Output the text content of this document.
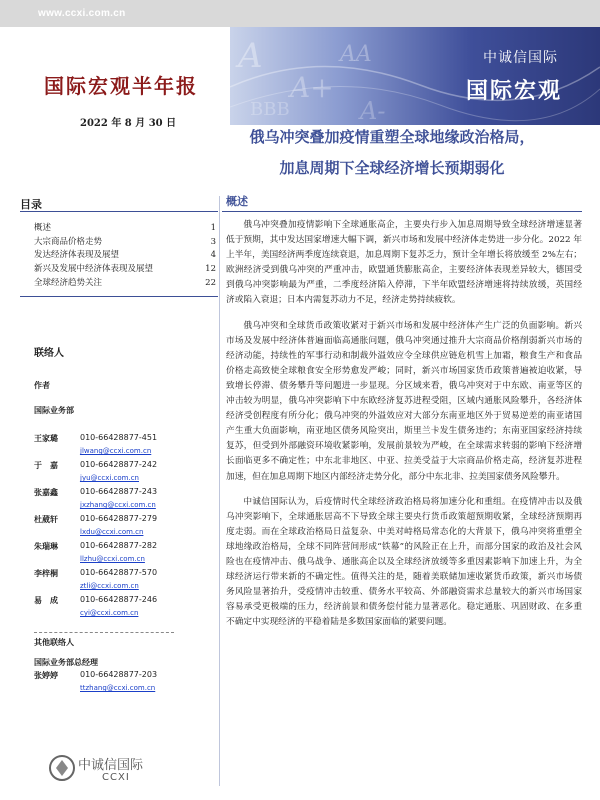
www.ccxi.com.cn
A
A+
AA
BBB	A-
中诚信国际
国际宏观
国际宏观半年报
2022 年 8 月 30 日
俄乌冲突叠加疫情重塑全球地缘政治格局，
加息周期下全球经济增长预期弱化
目录
概述	1
大宗商品价格走势	3
发达经济体表现及展望	4
新兴及发展中经济体表现及展望	12
全球经济趋势关注	22
联络人
作者
国际业务部
王家璐	010-66428877-451
jlwang@ccxi.com.cn
于　嘉	010-66428877-242
jyu@ccxi.com.cn
张嘉鑫	010-66428877-243
jxzhang@ccxi.com.cn
杜葳轩	010-66428877-279
lxdu@ccxi.com.cn
朱瑞琳	010-66428877-282
llzhu@ccxi.com.cn
李梓桐	010-66428877-570
ztli@ccxi.com.cn
易　成	010-66428877-246
cyi@ccxi.com.cn
其他联络人
国际业务部总经理
张婷婷	010-66428877-203
ttzhang@ccxi.com.cn
中诚信国际
CCXI
概述

俄乌冲突叠加疫情影响下全球通胀高企，主要央行步入加息周期导致全球经济增速显著低于预期，其中发达国家增速大幅下调，新兴市场和发展中经济体走势进一步分化。2022 年上半年，美国经济两季度连续衰退，加息周期下复苏乏力，预计全年增长将放缓至 2%左右；欧洲经济受到俄乌冲突的严重冲击，欧盟通货膨胀高企，主要经济体表现差异较大，德国受到俄乌冲突影响最为严重，二季度经济陷入停滞，下半年欧盟经济增速将持续放缓，英国经济或陷入衰退；日本内需复苏动力不足，经济走势持续疲软。

俄乌冲突和全球货币政策收紧对于新兴市场和发展中经济体产生广泛的负面影响。新兴市场及发展中经济体普遍面临高通胀问题，俄乌冲突通过推升大宗商品价格削弱新兴市场的经济动能，持续性的军事行动和制裁外溢效应令全球供应链危机雪上加霜，粮食生产和食品价格走高致使全球粮食安全形势愈发严峻；同时，新兴市场国家货币政策普遍被迫收紧，导致增长停滞、债务攀升等问题进一步显现。分区域来看，俄乌冲突对于中东欧、南亚等区的冲击较为明显，俄乌冲突影响下中东欧经济复苏进程受阻，区域内通胀风险攀升，各经济体经济受创程度有所分化；俄乌冲突的外溢效应对大部分东南亚地区外于贸易逆差的南亚诸国产生重大负面影响，南亚地区债务风险突出，斯里兰卡发生债务违约；东南亚国家经济持续复苏，但受到外部融资环境收紧影响，发展前景较为严峻，在全球需求转弱的影响下经济增长面临更多不确定性；中东北非地区、中亚、拉美受益于大宗商品价格走高，经济复苏进程加速，但在加息周期下地区内部经济走势分化，部分中东北非、拉美国家债务风险攀升。

中诚信国际认为，后疫情时代全球经济政治格局将加速分化和重组。在疫情冲击以及俄乌冲突影响下，全球通胀居高不下导致全球主要央行货币政策超预期收紧，全球经济预期再度走弱。而在全球政治格局日益复杂、中美对峙格局常态化的大背景下，俄乌冲突将重塑全球地缘政治格局，全球不同阵营间形成“铁幕”的风险正在上升，而部分国家的政治及社会风险也在疫情冲击、俄乌战争、通胀高企以及全球经济放缓等多重因素影响下加速上升，为全球经济运行带来新的不确定性。值得关注的是，随着美联储加速收紧货币政策，新兴市场债务风险显著抬升，受疫情冲击较重、债务水平较高、外部融资需求总量较大的新兴市场国家容易承受更极端的压力，经济前景和债务偿付能力显著恶化。稳定通胀、巩固财政、在多重不确定中实现经济的平稳着陆是多数国家面临的紧要问题。
